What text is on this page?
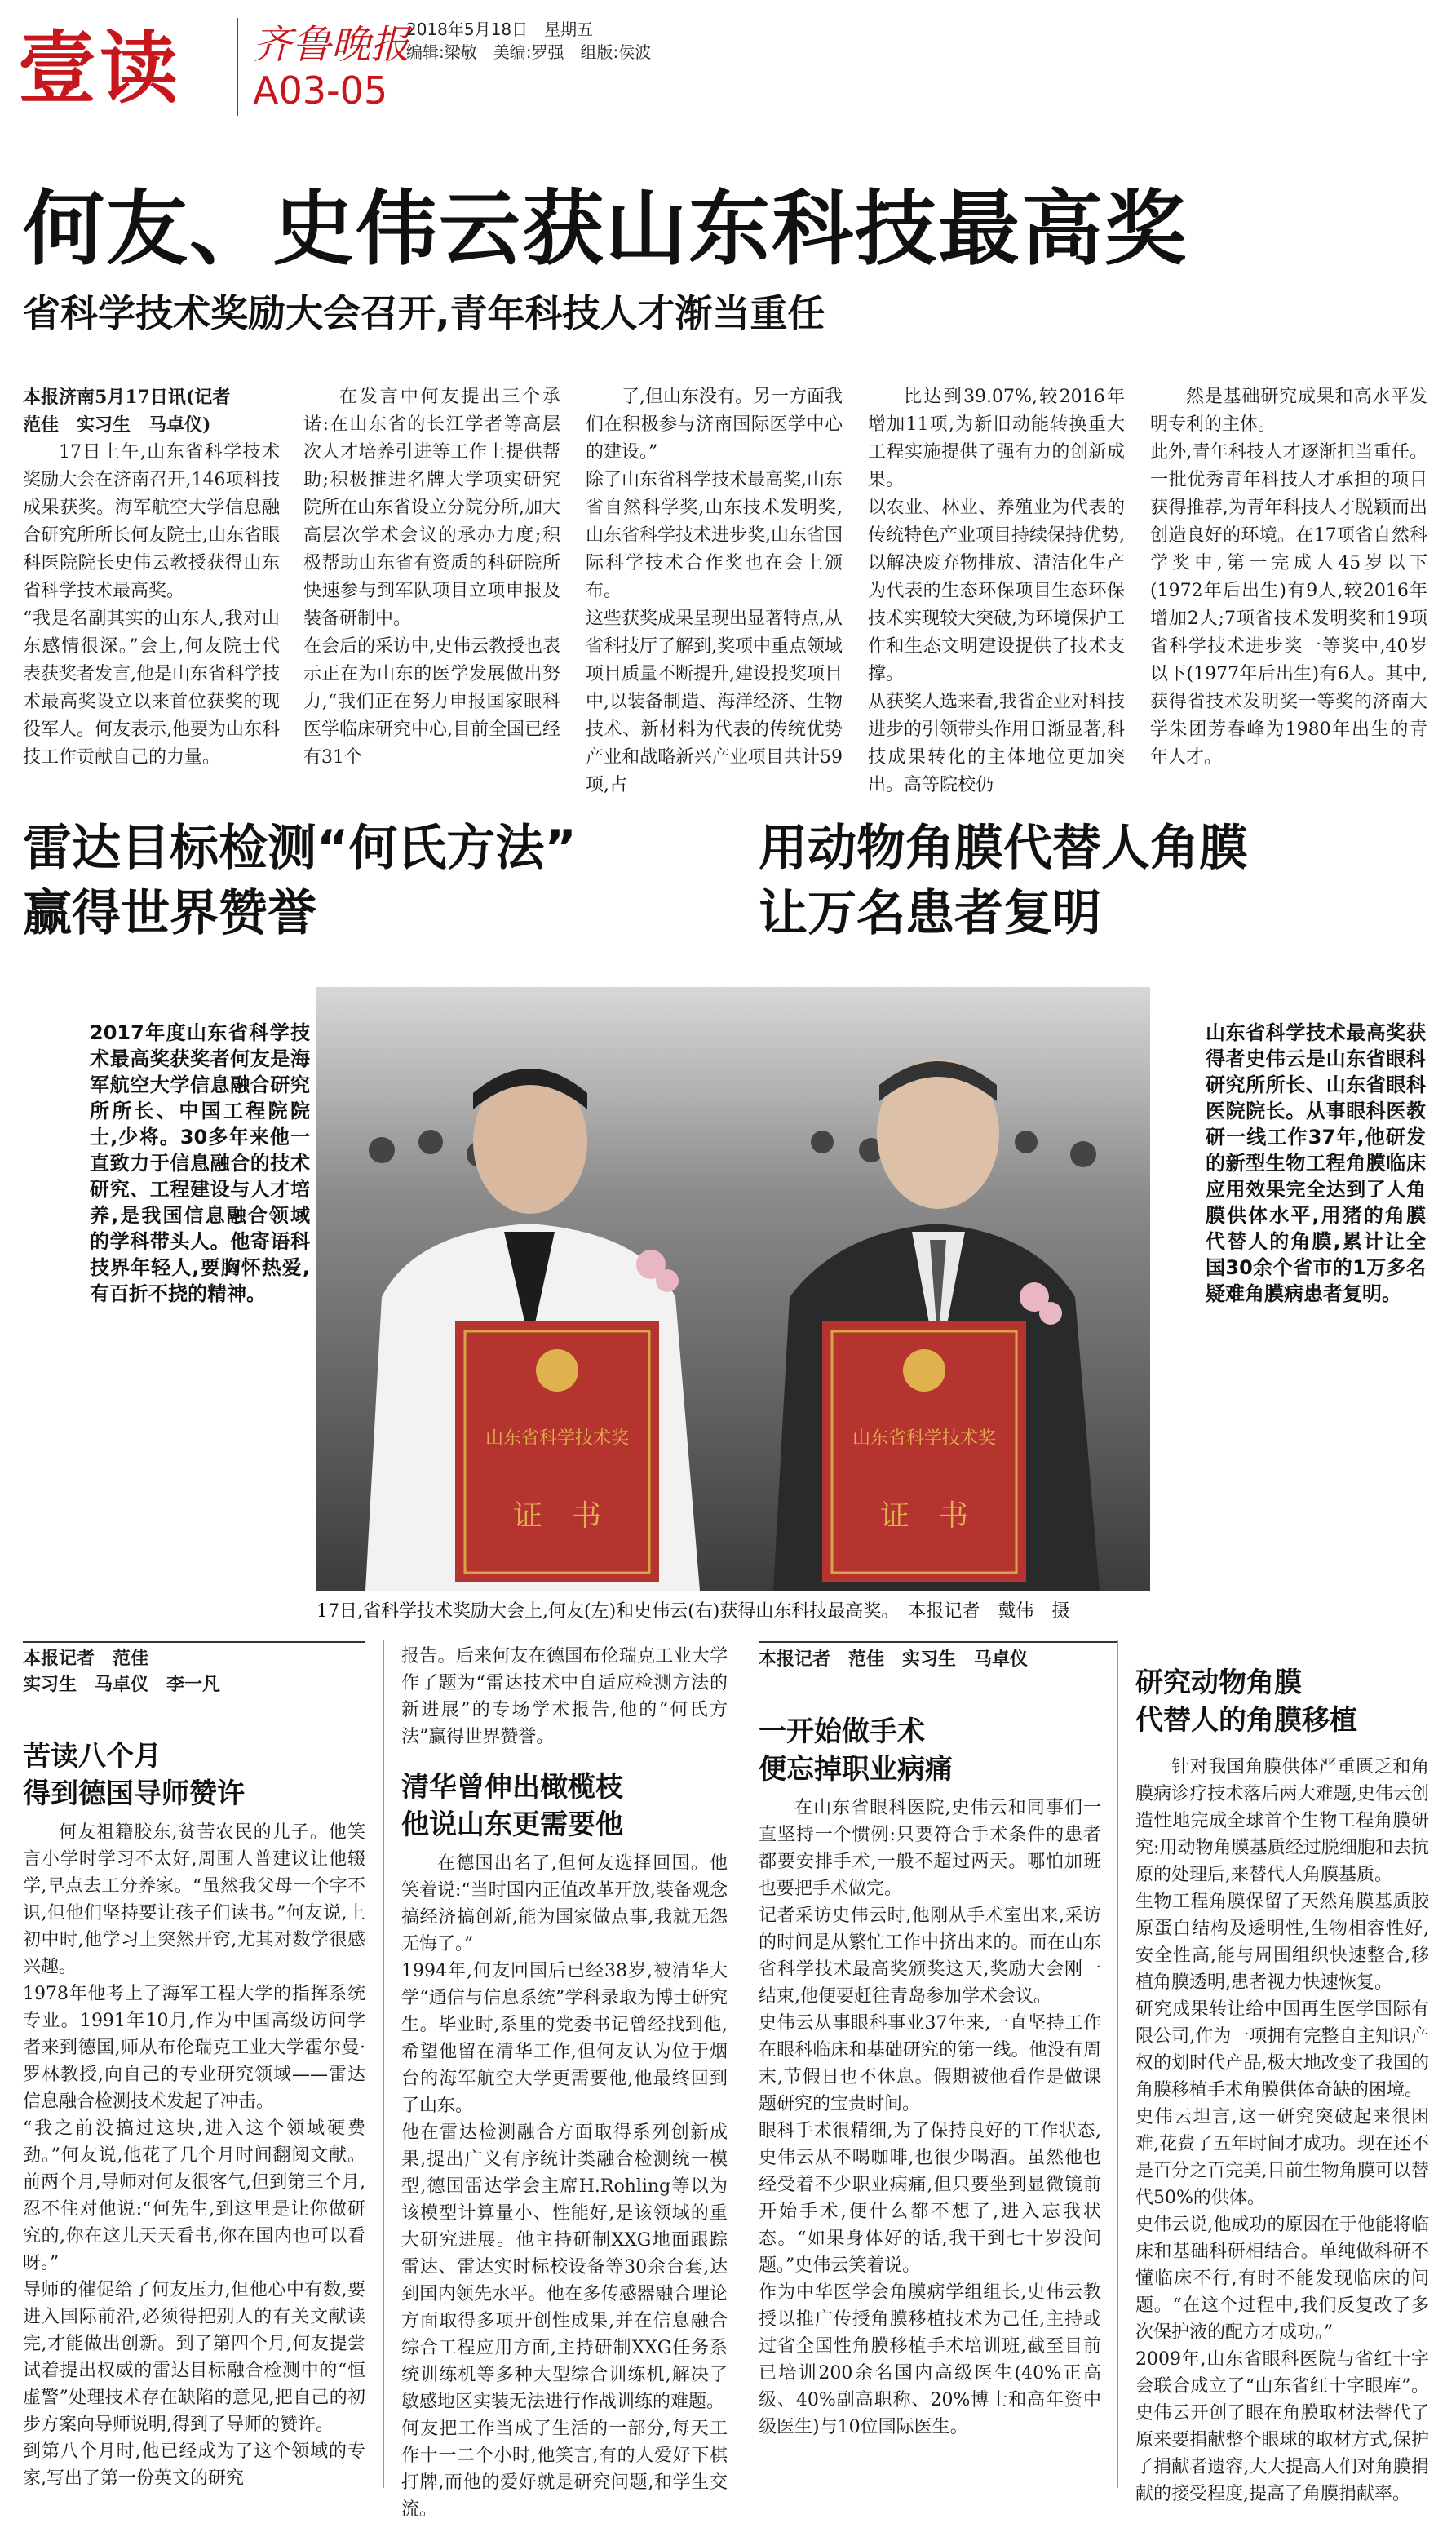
壹读 齐鲁晚报
A03-05
2018年5月18日　星期五
编辑:梁敬　美编:罗强　组版:侯波
何友、史伟云获山东科技最高奖
省科学技术奖励大会召开,青年科技人才渐当重任

本报济南5月17日讯(记者
范佳　实习生　马卓仪)

17日上午,山东省科学技术奖励大会在济南召开,146项科技成果获奖。海军航空大学信息融合研究所所长何友院士,山东省眼科医院院长史伟云教授获得山东省科学技术最高奖。
“我是名副其实的山东人,我对山东感情很深。”会上,何友院士代表获奖者发言,他是山东省科学技术最高奖设立以来首位获奖的现役军人。何友表示,他要为山东科技工作贡献自己的力量。
在发言中何友提出三个承诺:在山东省的长江学者等高层次人才培养引进等工作上提供帮助;积极推进名牌大学项实研究院所在山东省设立分院分所,加大高层次学术会议的承办力度;积极帮助山东省有资质的科研院所快速参与到军队项目立项申报及装备研制中。
在会后的采访中,史伟云教授也表示正在为山东的医学发展做出努力,“我们正在努力申报国家眼科医学临床研究中心,目前全国已经有31个
了,但山东没有。另一方面我们在积极参与济南国际医学中心的建设。”
除了山东省科学技术最高奖,山东省自然科学奖,山东技术发明奖,山东省科学技术进步奖,山东省国际科学技术合作奖也在会上颁布。
这些获奖成果呈现出显著特点,从省科技厅了解到,奖项中重点领域项目质量不断提升,建设投奖项目中,以装备制造、海洋经济、生物技术、新材料为代表的传统优势产业和战略新兴产业项目共计59项,占
比达到39.07%,较2016年增加11项,为新旧动能转换重大工程实施提供了强有力的创新成果。
以农业、林业、养殖业为代表的传统特色产业项目持续保持优势,以解决废弃物排放、清洁化生产为代表的生态环保项目生态环保技术实现较大突破,为环境保护工作和生态文明建设提供了技术支撑。
从获奖人选来看,我省企业对科技进步的引领带头作用日渐显著,科技成果转化的主体地位更加突出。高等院校仍
然是基础研究成果和高水平发明专利的主体。
此外,青年科技人才逐渐担当重任。一批优秀青年科技人才承担的项目获得推荐,为青年科技人才脱颖而出创造良好的环境。在17项省自然科学奖中,第一完成人45岁以下(1972年后出生)有9人,较2016年增加2人;7项省技术发明奖和19项省科学技术进步奖一等奖中,40岁以下(1977年后出生)有6人。其中,获得省技术发明奖一等奖的济南大学朱团芳春峰为1980年出生的青年人才。
雷达目标检测“何氏方法”
赢得世界赞誉
用动物角膜代替人角膜
让万名患者复明
2017年度山东省科学技术最高奖获奖者何友是海军航空大学信息融合研究所所长、中国工程院院士,少将。30多年来他一直致力于信息融合的技术研究、工程建设与人才培养,是我国信息融合领域的学科带头人。他寄语科技界年轻人,要胸怀热爱,有百折不挠的精神。
山东省科学技术奖
证　书
山东省科学技术奖
证　书
17日,省科学技术奖励大会上,何友(左)和史伟云(右)获得山东科技最高奖。　本报记者　戴伟　摄
山东省科学技术最高奖获得者史伟云是山东省眼科研究所所长、山东省眼科医院院长。从事眼科医教研一线工作37年,他研发的新型生物工程角膜临床应用效果完全达到了人角膜供体水平,用猪的角膜代替人的角膜,累计让全国30余个省市的1万多名疑难角膜病患者复明。
本报记者　范佳
实习生　马卓仪　李一凡
苦读八个月
得到德国导师赞许
何友祖籍胶东,贫苦农民的儿子。他笑言小学时学习不太好,周围人普建议让他辍学,早点去工分养家。“虽然我父母一个字不识,但他们坚持要让孩子们读书。”何友说,上初中时,他学习上突然开窍,尤其对数学很感兴趣。
1978年他考上了海军工程大学的指挥系统专业。1991年10月,作为中国高级访问学者来到德国,师从布伦瑞克工业大学霍尔曼·罗林教授,向自己的专业研究领域——雷达信息融合检测技术发起了冲击。
“我之前没搞过这块,进入这个领域硬费劲。”何友说,他花了几个月时间翻阅文献。前两个月,导师对何友很客气,但到第三个月,忍不住对他说:“何先生,到这里是让你做研究的,你在这儿天天看书,你在国内也可以看呀。”
导师的催促给了何友压力,但他心中有数,要进入国际前沿,必须得把别人的有关文献读完,才能做出创新。到了第四个月,何友提尝试着提出权威的雷达目标融合检测中的“恒虚警”处理技术存在缺陷的意见,把自己的初步方案向导师说明,得到了导师的赞许。
到第八个月时,他已经成为了这个领域的专家,写出了第一份英文的研究
报告。后来何友在德国布伦瑞克工业大学作了题为“雷达技术中自适应检测方法的新进展”的专场学术报告,他的“何氏方法”赢得世界赞誉。
清华曾伸出橄榄枝
他说山东更需要他
在德国出名了,但何友选择回国。他笑着说:“当时国内正值改革开放,装备观念搞经济搞创新,能为国家做点事,我就无怨无悔了。”
1994年,何友回国后已经38岁,被清华大学“通信与信息系统”学科录取为博士研究生。毕业时,系里的党委书记曾经找到他,希望他留在清华工作,但何友认为位于烟台的海军航空大学更需要他,他最终回到了山东。
他在雷达检测融合方面取得系列创新成果,提出广义有序统计类融合检测统一模型,德国雷达学会主席H.Rohling等以为该模型计算量小、性能好,是该领域的重大研究进展。他主持研制XXG地面跟踪雷达、雷达实时标校设备等30余台套,达到国内领先水平。他在多传感器融合理论方面取得多项开创性成果,并在信息融合综合工程应用方面,主持研制XXG任务系统训练机等多种大型综合训练机,解决了敏感地区实装无法进行作战训练的难题。
何友把工作当成了生活的一部分,每天工作十一二个小时,他笑言,有的人爱好下棋打牌,而他的爱好就是研究问题,和学生交流。
本报记者　范佳　实习生　马卓仪
一开始做手术
便忘掉职业病痛
在山东省眼科医院,史伟云和同事们一直坚持一个惯例:只要符合手术条件的患者都要安排手术,一般不超过两天。哪怕加班也要把手术做完。
记者采访史伟云时,他刚从手术室出来,采访的时间是从繁忙工作中挤出来的。而在山东省科学技术最高奖颁奖这天,奖励大会刚一结束,他便要赶往青岛参加学术会议。
史伟云从事眼科事业37年来,一直坚持工作在眼科临床和基础研究的第一线。他没有周末,节假日也不休息。假期被他看作是做课题研究的宝贵时间。
眼科手术很精细,为了保持良好的工作状态,史伟云从不喝咖啡,也很少喝酒。虽然他也经受着不少职业病痛,但只要坐到显微镜前开始手术,便什么都不想了,进入忘我状态。“如果身体好的话,我干到七十岁没问题。”史伟云笑着说。
作为中华医学会角膜病学组组长,史伟云教授以推广传授角膜移植技术为己任,主持或过省全国性角膜移植手术培训班,截至目前已培训200余名国内高级医生(40%正高级、40%副高职称、20%博士和高年资中级医生)与10位国际医生。
研究动物角膜
代替人的角膜移植
针对我国角膜供体严重匮乏和角膜病诊疗技术落后两大难题,史伟云创造性地完成全球首个生物工程角膜研究:用动物角膜基质经过脱细胞和去抗原的处理后,来替代人角膜基质。
生物工程角膜保留了天然角膜基质胶原蛋白结构及透明性,生物相容性好,安全性高,能与周围组织快速整合,移植角膜透明,患者视力快速恢复。
研究成果转让给中国再生医学国际有限公司,作为一项拥有完整自主知识产权的划时代产品,极大地改变了我国的角膜移植手术角膜供体奇缺的困境。
史伟云坦言,这一研究突破起来很困难,花费了五年时间才成功。现在还不是百分之百完美,目前生物角膜可以替代50%的供体。
史伟云说,他成功的原因在于他能将临床和基础科研相结合。单纯做科研不懂临床不行,有时不能发现临床的问题。“在这个过程中,我们反复改了多次保护液的配方才成功。”
2009年,山东省眼科医院与省红十字会联合成立了“山东省红十字眼库”。史伟云开创了眼在角膜取材法替代了原来要捐献整个眼球的取材方式,保护了捐献者遗容,大大提高人们对角膜捐献的接受程度,提高了角膜捐献率。
